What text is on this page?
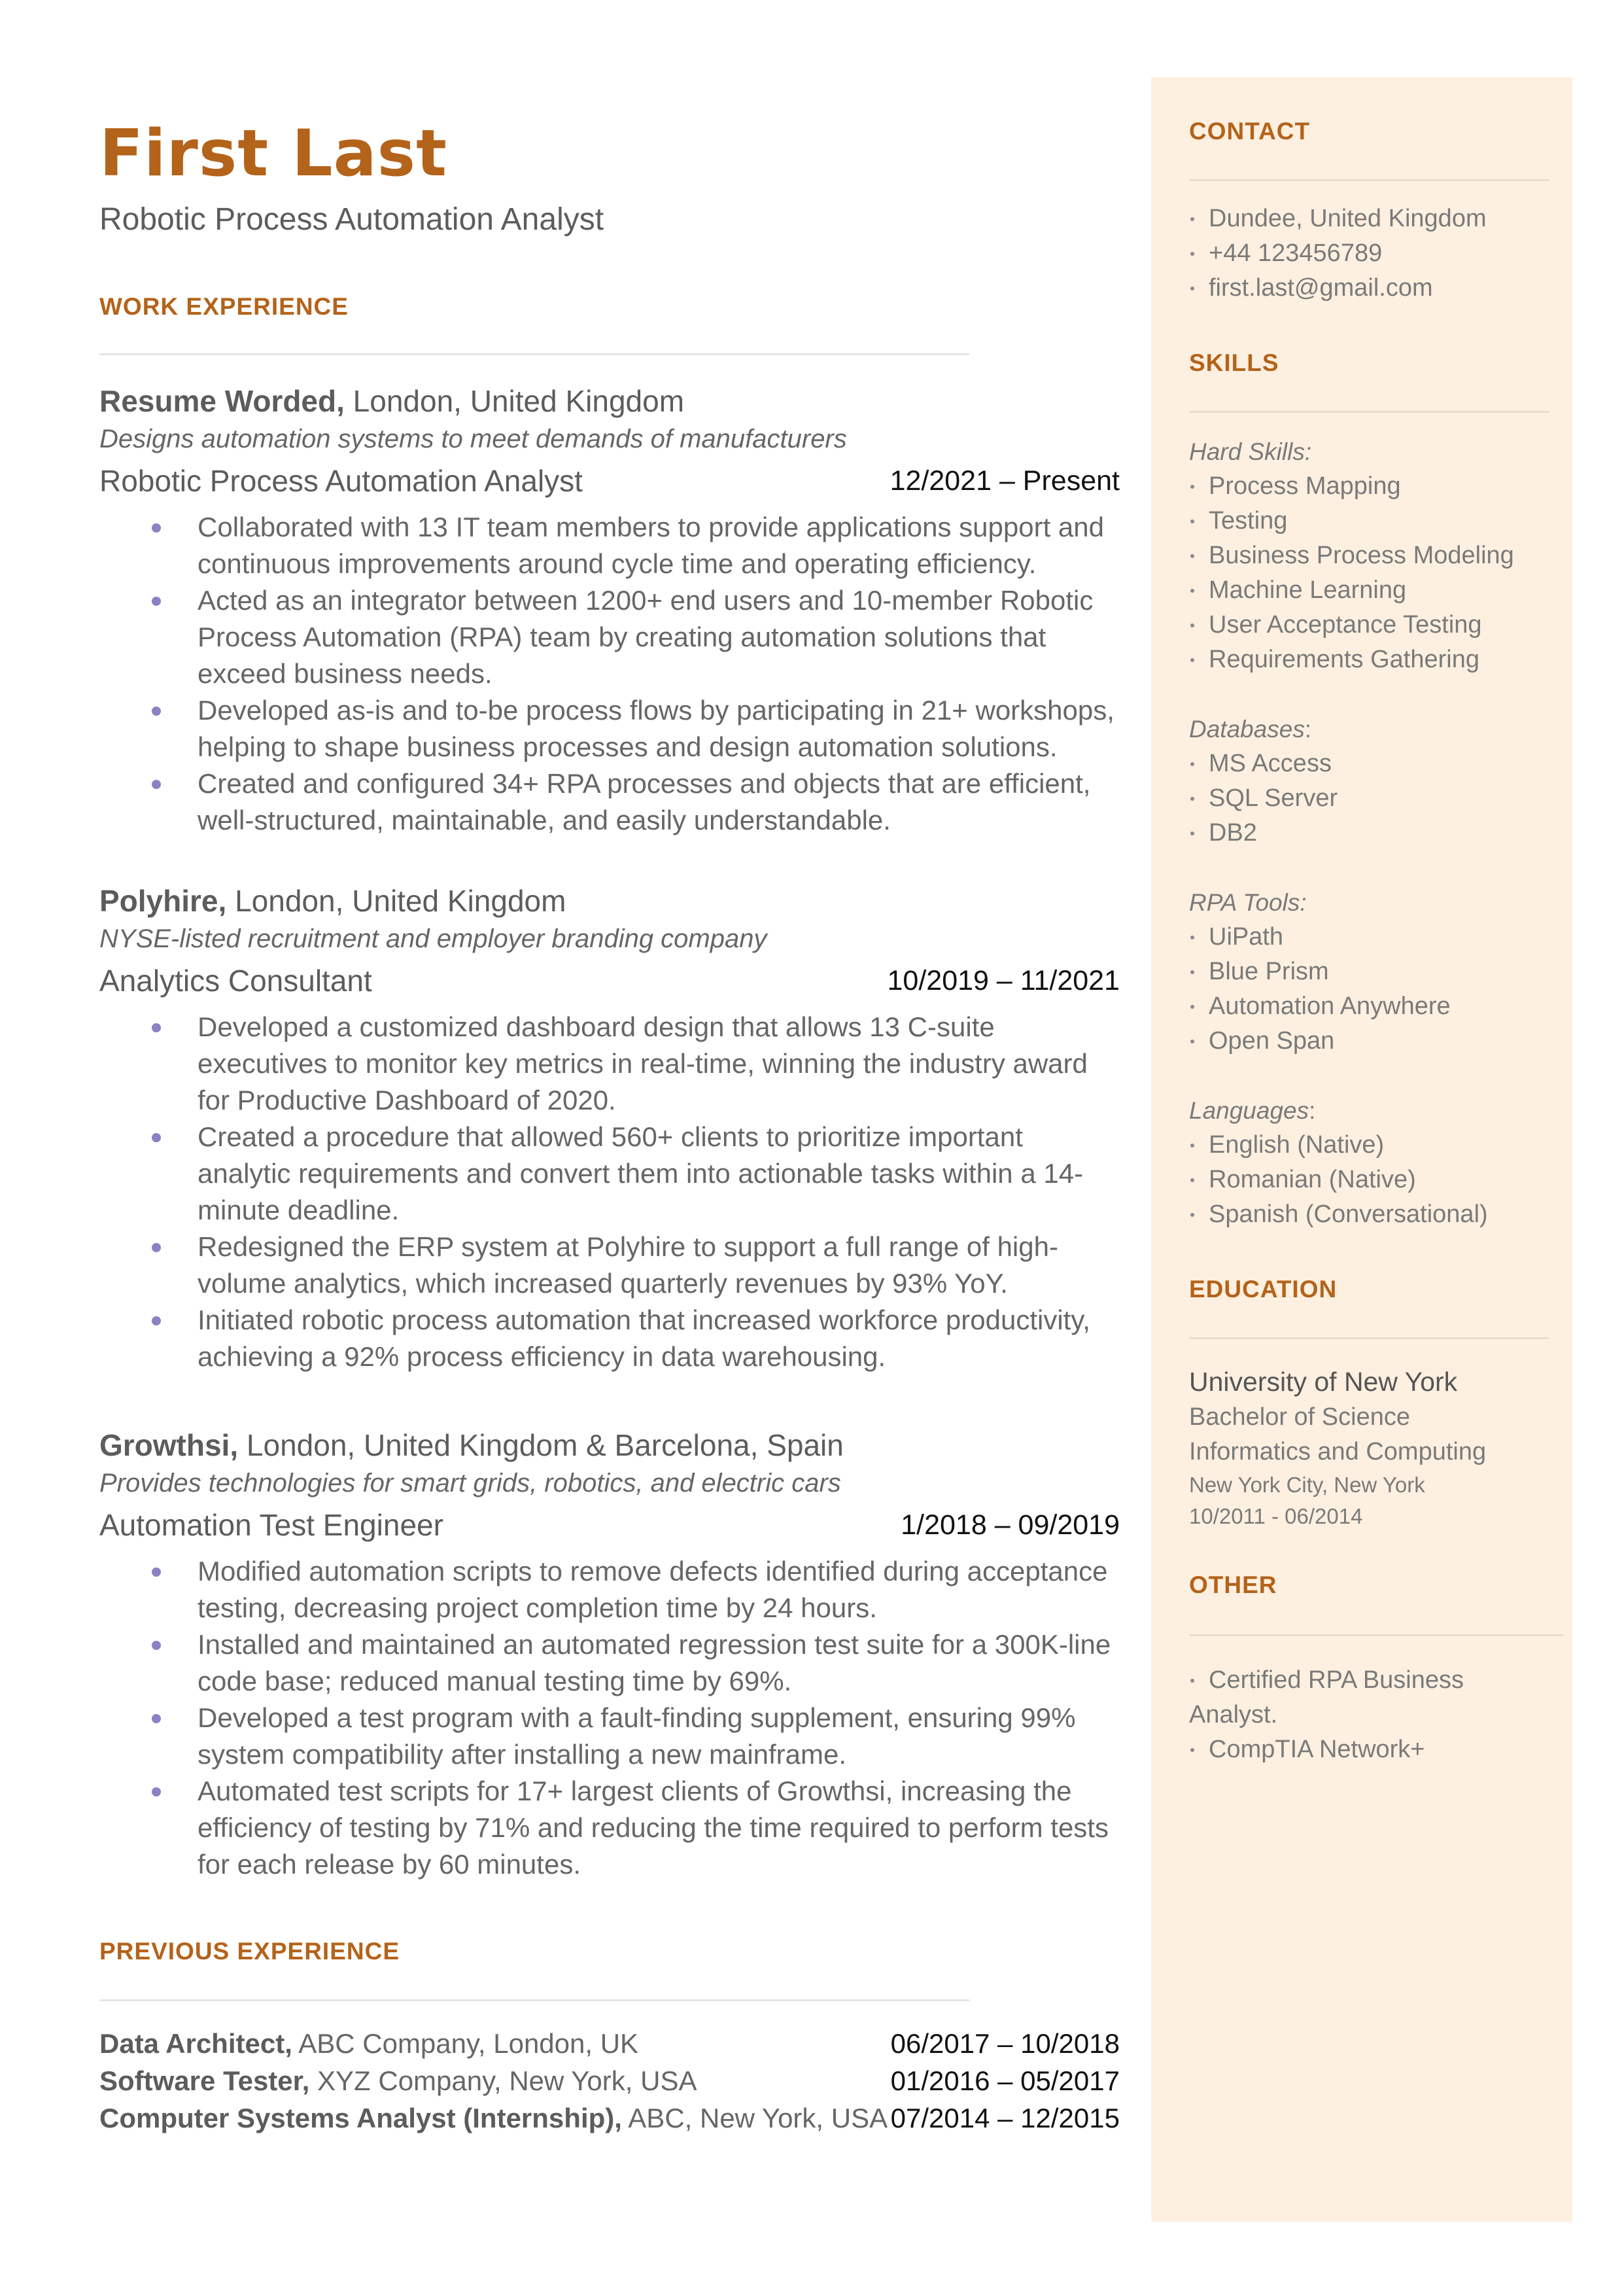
First Last
Robotic Process Automation Analyst
WORK EXPERIENCE
Resume Worded, London, United Kingdom
Designs automation systems to meet demands of manufacturers
Robotic Process Automation Analyst	12/2021 – Present
Collaborated with 13 IT team members to provide applications support and continuous improvements around cycle time and operating efficiency.
Acted as an integrator between 1200+ end users and 10-member Robotic Process Automation (RPA) team by creating automation solutions that exceed business needs.
Developed as-is and to-be process flows by participating in 21+ workshops, helping to shape business processes and design automation solutions.
Created and configured 34+ RPA processes and objects that are efficient, well-structured, maintainable, and easily understandable.
Polyhire, London, United Kingdom
NYSE-listed recruitment and employer branding company
Analytics Consultant	10/2019 – 11/2021
Developed a customized dashboard design that allows 13 C-suite executives to monitor key metrics in real-time, winning the industry award for Productive Dashboard of 2020.
Created a procedure that allowed 560+ clients to prioritize important analytic requirements and convert them into actionable tasks within a 14-minute deadline.
Redesigned the ERP system at Polyhire to support a full range of high-volume analytics, which increased quarterly revenues by 93% YoY.
Initiated robotic process automation that increased workforce productivity, achieving a 92% process efficiency in data warehousing.
Growthsi, London, United Kingdom & Barcelona, Spain
Provides technologies for smart grids, robotics, and electric cars
Automation Test Engineer	1/2018 – 09/2019
Modified automation scripts to remove defects identified during acceptance testing, decreasing project completion time by 24 hours.
Installed and maintained an automated regression test suite for a 300K-line code base; reduced manual testing time by 69%.
Developed a test program with a fault-finding supplement, ensuring 99% system compatibility after installing a new mainframe.
Automated test scripts for 17+ largest clients of Growthsi, increasing the efficiency of testing by 71% and reducing the time required to perform tests for each release by 60 minutes.
PREVIOUS EXPERIENCE
Data Architect, ABC Company, London, UK	06/2017 – 10/2018
Software Tester, XYZ Company, New York, USA	01/2016 – 05/2017
Computer Systems Analyst (Internship), ABC, New York, USA 07/2014 – 12/2015
CONTACT
Dundee, United Kingdom
+44 123456789
first.last@gmail.com
SKILLS
Hard Skills:
Process Mapping
Testing
Business Process Modeling
Machine Learning
User Acceptance Testing
Requirements Gathering
Databases:
MS Access
SQL Server
DB2
RPA Tools:
UiPath
Blue Prism
Automation Anywhere
Open Span
Languages:
English (Native)
Romanian (Native)
Spanish (Conversational)
EDUCATION
University of New York
Bachelor of Science
Informatics and Computing
New York City, New York
10/2011 - 06/2014
OTHER
Certified RPA Business Analyst.
CompTIA Network+
